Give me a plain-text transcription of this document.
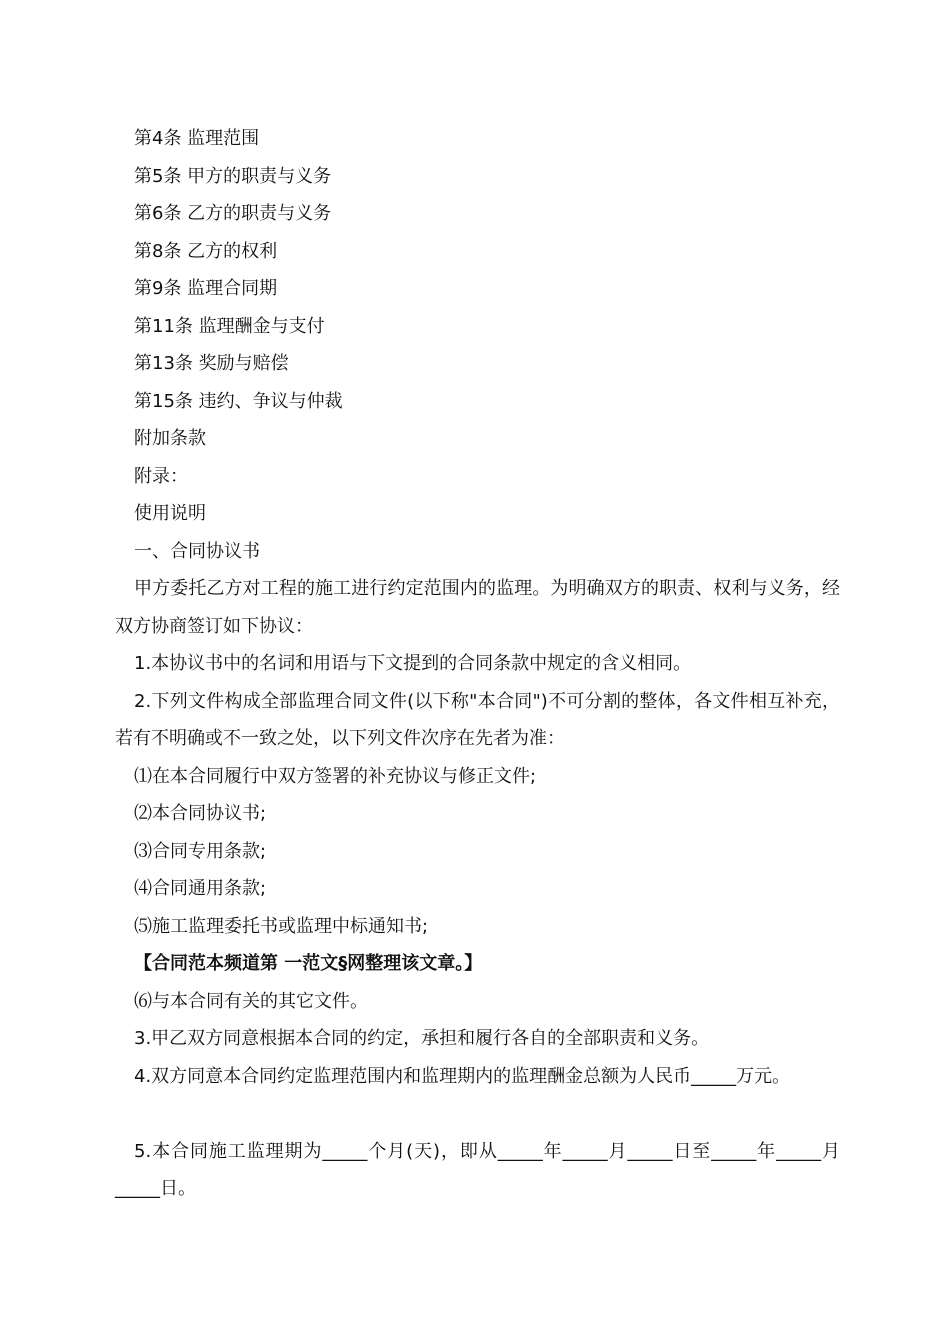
第4条 监理范围

第5条 甲方的职责与义务

第6条 乙方的职责与义务

第8条 乙方的权利

第9条 监理合同期

第11条 监理酬金与支付

第13条 奖励与赔偿

第15条 违约、争议与仲裁

附加条款

附录：

使用说明

一、合同协议书

甲方委托乙方对工程的施工进行约定范围内的监理。为明确双方的职责、权利与义务，经双方协商签订如下协议：

1.本协议书中的名词和用语与下文提到的合同条款中规定的含义相同。

2.下列文件构成全部监理合同文件(以下称"本合同")不可分割的整体，各文件相互补充，若有不明确或不一致之处，以下列文件次序在先者为准：

⑴在本合同履行中双方签署的补充协议与修正文件;

⑵本合同协议书;

⑶合同专用条款;

⑷合同通用条款;

⑸施工监理委托书或监理中标通知书;

【合同范本频道第 一范文§网整理该文章。】

⑹与本合同有关的其它文件。

3.甲乙双方同意根据本合同的约定，承担和履行各自的全部职责和义务。

4.双方同意本合同约定监理范围内和监理期内的监理酬金总额为人民币_____万元。

5.本合同施工监理期为_____个月(天)，即从_____年_____月_____日至_____年_____月_____日。
